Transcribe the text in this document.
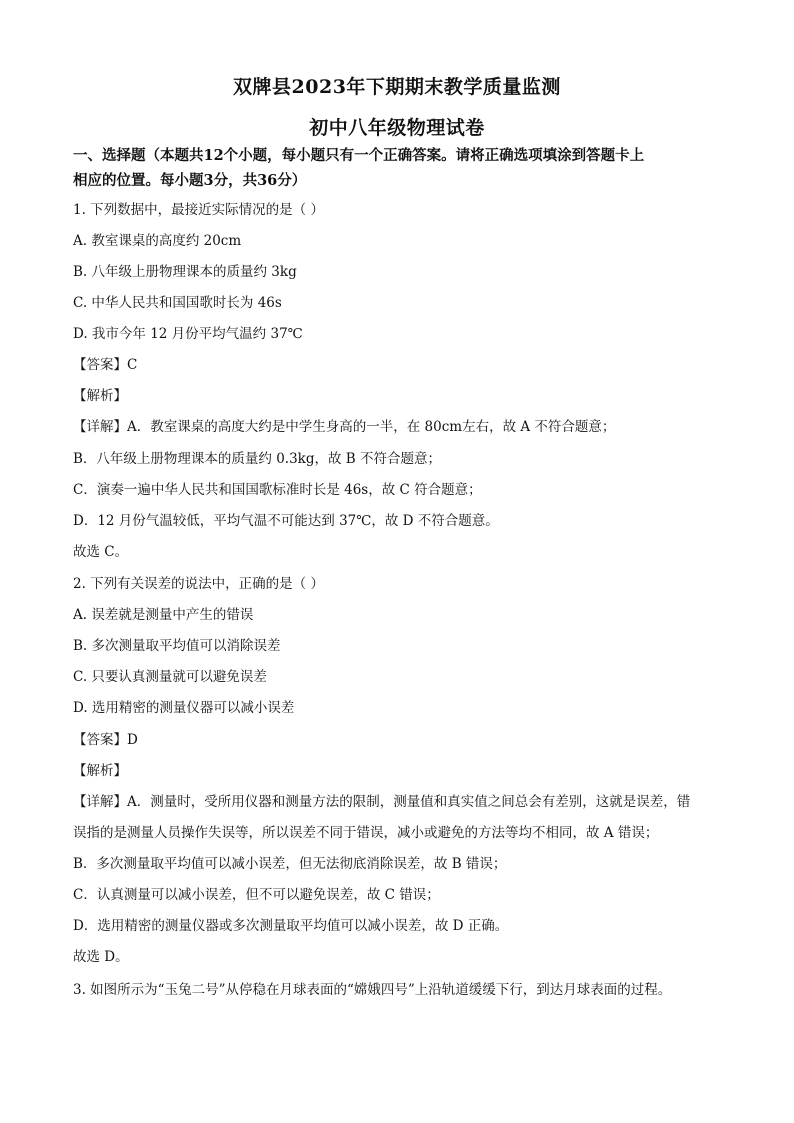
双牌县2023年下期期末教学质量监测
初中八年级物理试卷
一、选择题（本题共12个小题，每小题只有一个正确答案。请将正确选项填涂到答题卡上
相应的位置。每小题3分，共36分）
1. 下列数据中，最接近实际情况的是（ ）
A. 教室课桌的高度约 20cm
B. 八年级上册物理课本的质量约 3kg
C. 中华人民共和国国歌时长为 46s
D. 我市今年 12 月份平均气温约 37℃
【答案】C
【解析】
【详解】A．教室课桌的高度大约是中学生身高的一半，在 80cm左右，故 A 不符合题意；
B．八年级上册物理课本的质量约 0.3kg，故 B 不符合题意；
C．演奏一遍中华人民共和国国歌标准时长是 46s，故 C 符合题意；
D．12 月份气温较低，平均气温不可能达到 37℃，故 D 不符合题意。
故选 C。
2. 下列有关误差的说法中，正确的是（ ）
A. 误差就是测量中产生的错误
B. 多次测量取平均值可以消除误差
C. 只要认真测量就可以避免误差
D. 选用精密的测量仪器可以减小误差
【答案】D
【解析】
【详解】A．测量时，受所用仪器和测量方法的限制，测量值和真实值之间总会有差别，这就是误差，错
误指的是测量人员操作失误等，所以误差不同于错误，减小或避免的方法等均不相同，故 A 错误；
B．多次测量取平均值可以减小误差，但无法彻底消除误差，故 B 错误；
C．认真测量可以减小误差，但不可以避免误差，故 C 错误；
D．选用精密的测量仪器或多次测量取平均值可以减小误差，故 D 正确。
故选 D。
3. 如图所示为“玉兔二号”从停稳在月球表面的“嫦娥四号”上沿轨道缓缓下行，到达月球表面的过程。
